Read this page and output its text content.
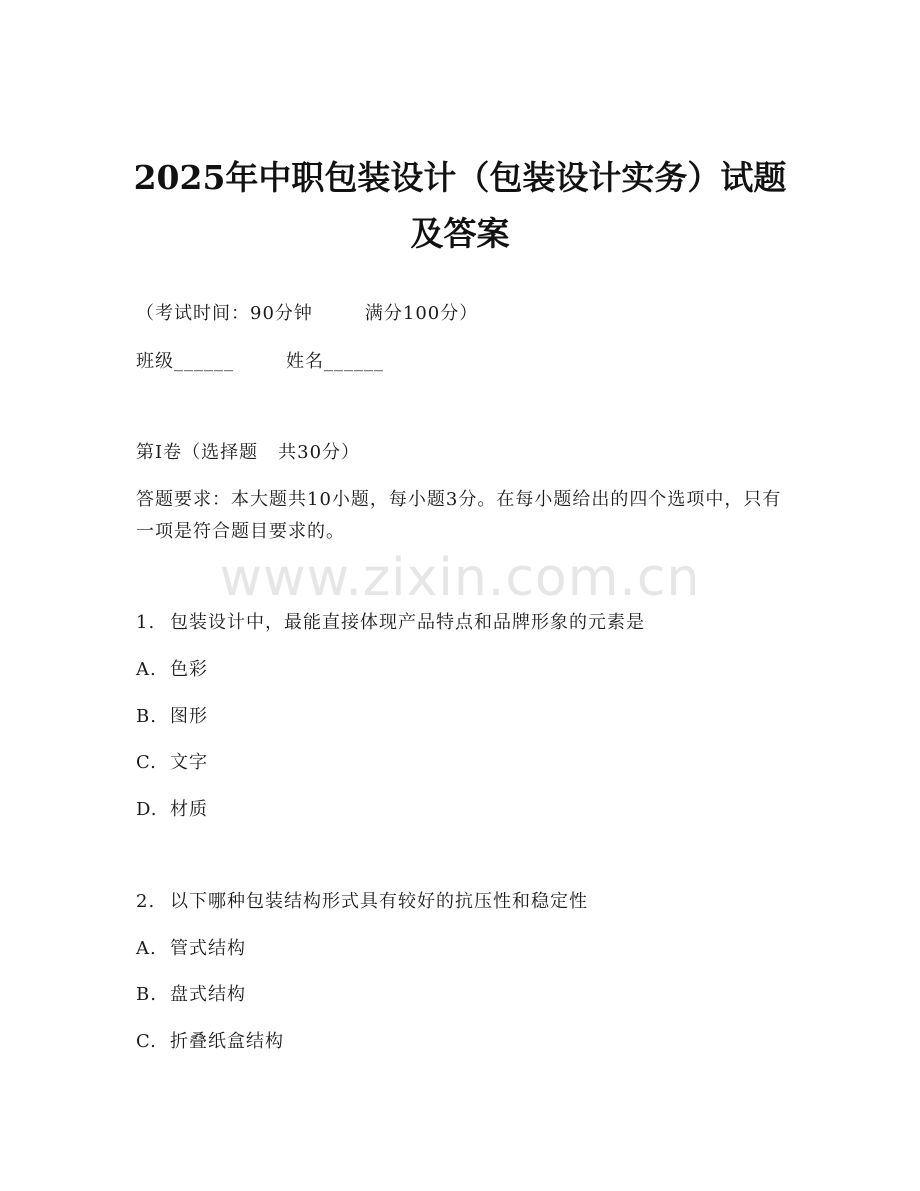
2025年中职包装设计（包装设计实务）试题
及答案
（考试时间：90分钟	满分100分）
班级______	姓名______
第I卷（选择题 共30分）
答题要求：本大题共10小题，每小题3分。在每小题给出的四个选项中，只有一项是符合题目要求的。
www.zixin.com.cn
1. 包装设计中，最能直接体现产品特点和品牌形象的元素是
A. 色彩
B. 图形
C. 文字
D. 材质
2. 以下哪种包装结构形式具有较好的抗压性和稳定性
A. 管式结构
B. 盘式结构
C. 折叠纸盒结构
